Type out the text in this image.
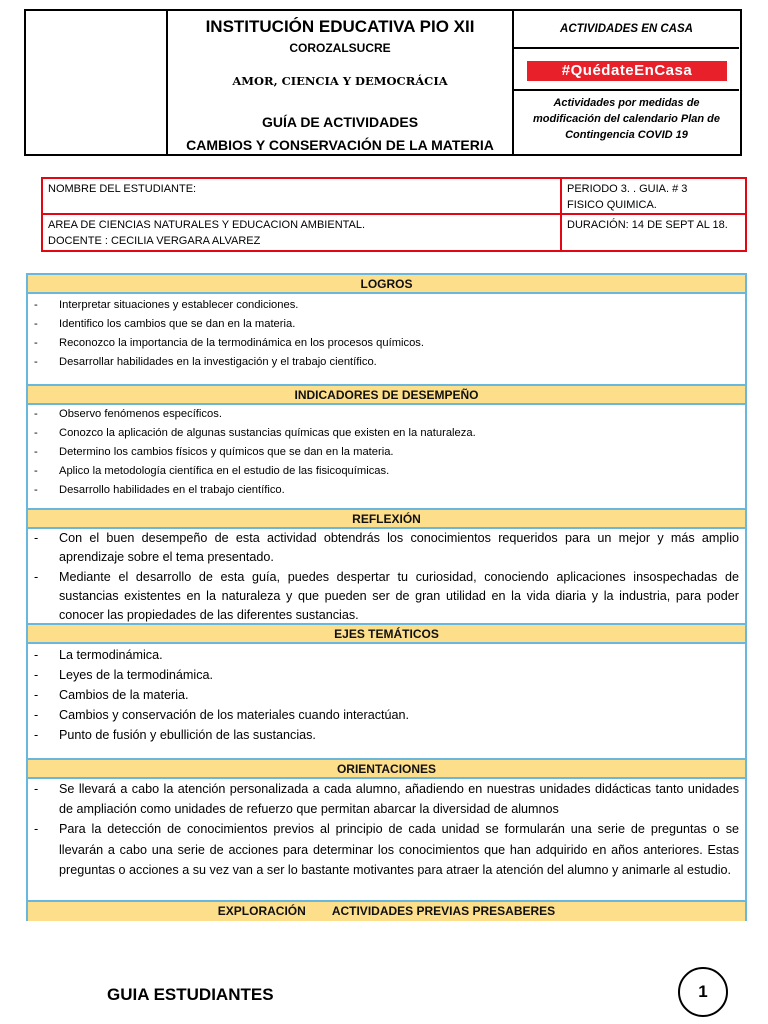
INSTITUCIÓN EDUCATIVA PIO XII
COROZALSUCRE
AMOR, CIENCIA Y DEMOCRÁCIA
GUÍA DE ACTIVIDADES
CAMBIOS Y CONSERVACIÓN DE LA MATERIA
ACTIVIDADES EN CASA
#QuédateEnCasa
Actividades por medidas de
modificación del calendario Plan de
Contingencia COVID 19
NOMBRE DEL ESTUDIANTE:	PERIODO 3. . GUIA. # 3
FISICO QUIMICA.
AREA DE CIENCIAS NATURALES Y EDUCACION AMBIENTAL.
DOCENTE : CECILIA VERGARA ALVAREZ
DURACIÓN: 14 DE SEPT AL 18.
LOGROS
- Interpretar situaciones y establecer condiciones.
- Identifico los cambios que se dan en la materia.
- Reconozco la importancia de la termodinámica en los procesos químicos.
- Desarrollar habilidades en la investigación y el trabajo científico.
INDICADORES DE DESEMPEÑO
- Observo fenómenos específicos.
- Conozco la aplicación de algunas sustancias químicas que existen en la naturaleza.
- Determino los cambios físicos y químicos que se dan en la materia.
- Aplico la metodología científica en el estudio de las fisicoquímicas.
- Desarrollo habilidades en el trabajo científico.
REFLEXIÓN
- Con el buen desempeño de esta actividad obtendrás los conocimientos requeridos para un mejor y más amplio aprendizaje sobre el tema presentado.
- Mediante el desarrollo de esta guía, puedes despertar tu curiosidad, conociendo aplicaciones insospechadas de sustancias existentes en la naturaleza y que pueden ser de gran utilidad en la vida diaria y la industria, para poder conocer las propiedades de las diferentes sustancias.
EJES TEMÁTICOS
- La termodinámica.
- Leyes de la termodinámica.
- Cambios de la materia.
- Cambios y conservación de los materiales cuando interactúan.
- Punto de fusión y ebullición de las sustancias.
ORIENTACIONES
- Se llevará a cabo la atención personalizada a cada alumno, añadiendo en nuestras unidades didácticas tanto unidades de ampliación como unidades de refuerzo que permitan abarcar la diversidad de alumnos
- Para la detección de conocimientos previos al principio de cada unidad se formularán una serie de preguntas o se llevarán a cabo una serie de acciones para determinar los conocimientos que han adquirido en años anteriores. Estas preguntas o acciones a su vez van a ser lo bastante motivantes para atraer la atención del alumno y animarle al estudio.
EXPLORACIÓN ACTIVIDADES PREVIAS PRESABERES
GUIA ESTUDIANTES	1
